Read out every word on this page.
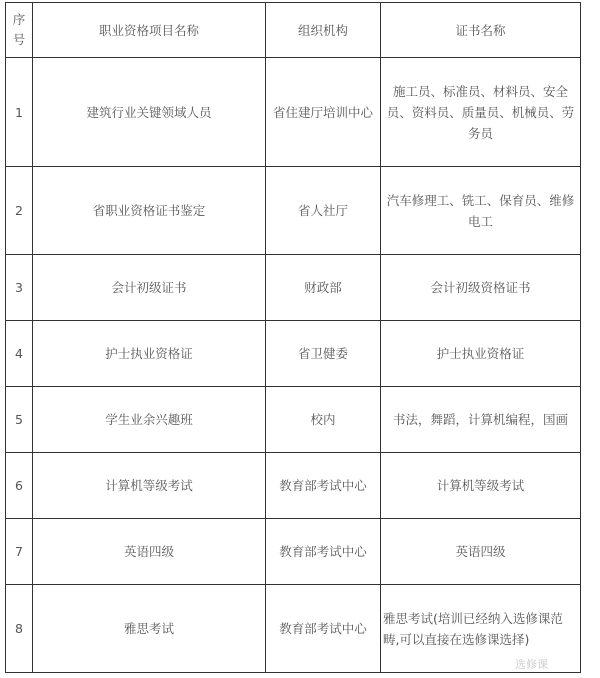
序号	职业资格项目名称	组织机构	证书名称
1	建筑行业关键领域人员	省住建厅培训中心	施工员、标准员、材料员、安全员、资料员、质量员、机械员、劳务员
2	省职业资格证书鉴定	省人社厅	汽车修理工、铣工、保育员、维修电工
3	会计初级证书	财政部	会计初级资格证书
4	护士执业资格证	省卫健委	护士执业资格证
5	学生业余兴趣班	校内	书法，舞蹈，计算机编程，国画
6	计算机等级考试	教育部考试中心	计算机等级考试
7	英语四级	教育部考试中心	英语四级
8	雅思考试	教育部考试中心	雅思考试(培训已经纳入选修课范畴,可以直接在选修课选择)
选修课
